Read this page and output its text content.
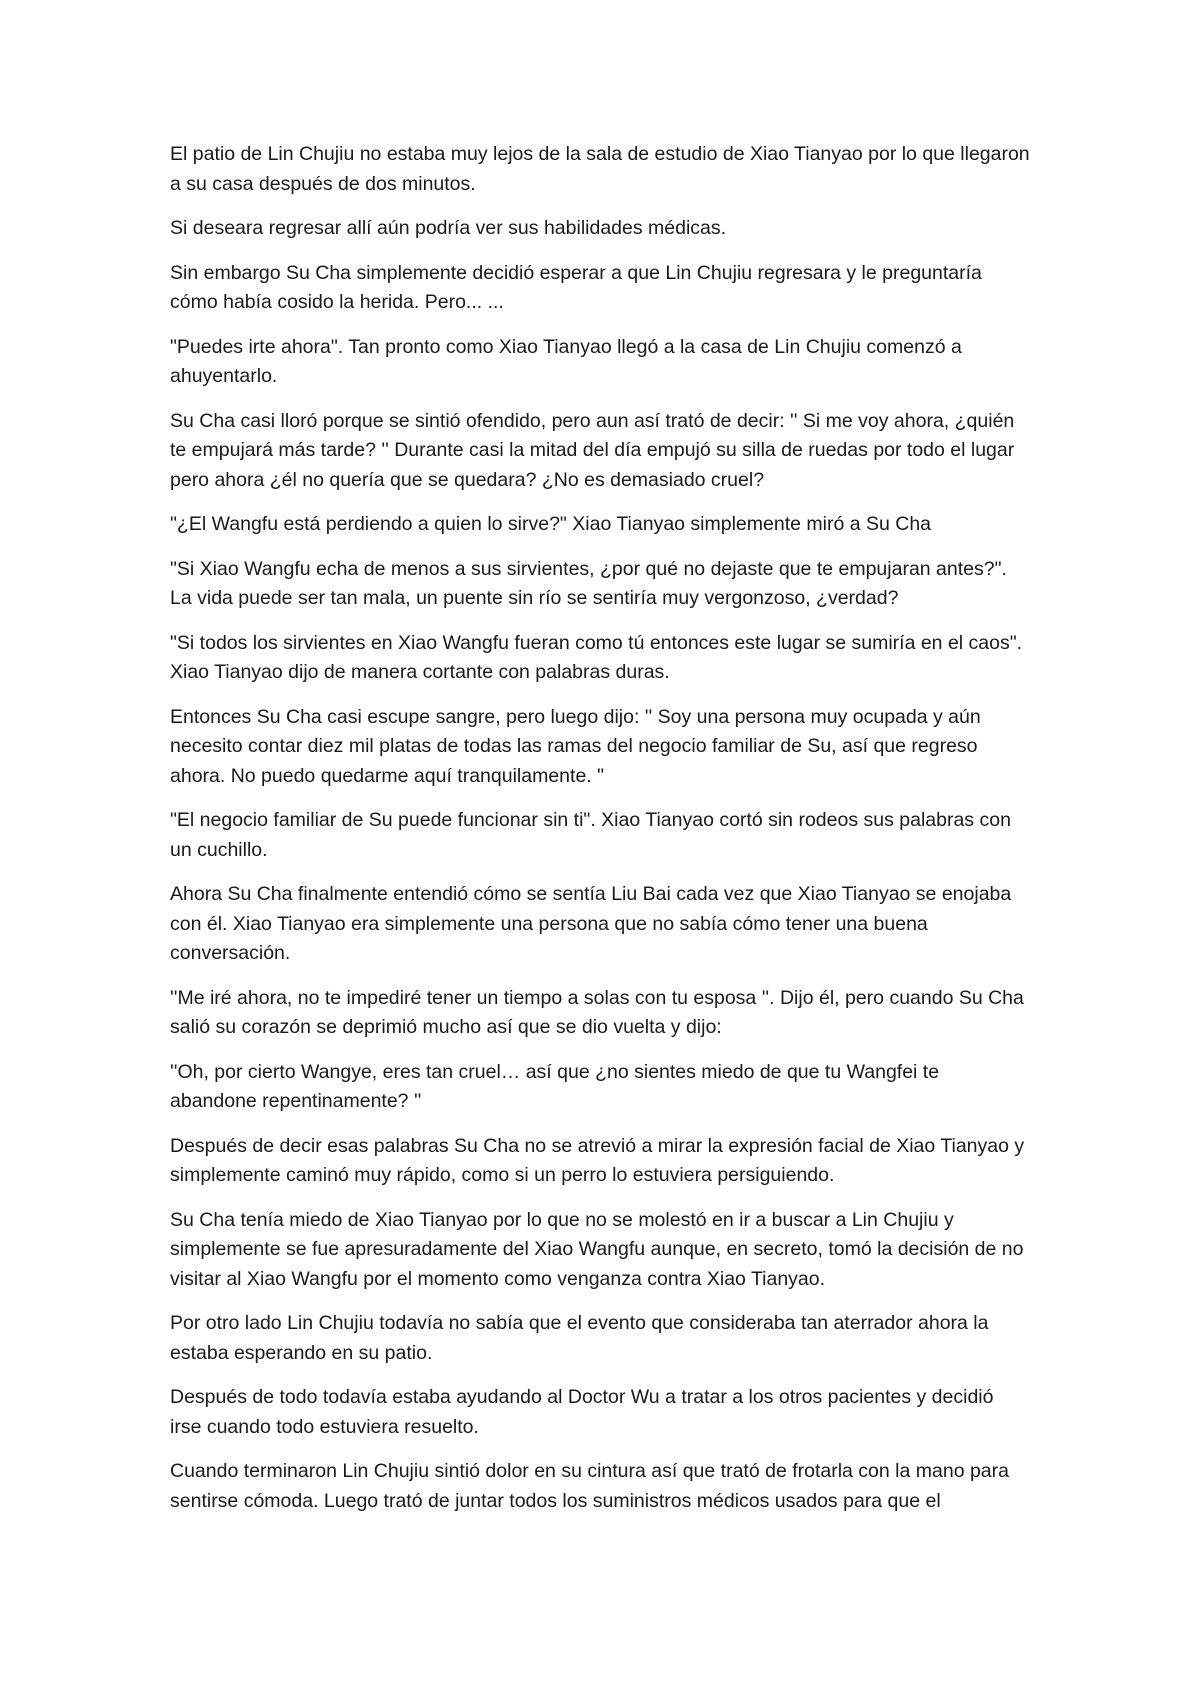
El patio de Lin Chujiu no estaba muy lejos de la sala de estudio de Xiao Tianyao por lo que llegaron a su casa después de dos minutos.

Si deseara regresar allí aún podría ver sus habilidades médicas.

Sin embargo Su Cha simplemente decidió esperar a que Lin Chujiu regresara y le preguntaría cómo había cosido la herida. Pero... ...

"Puedes irte ahora". Tan pronto como Xiao Tianyao llegó a la casa de Lin Chujiu comenzó a ahuyentarlo.

Su Cha casi lloró porque se sintió ofendido, pero aun así trató de decir: '' Si me voy ahora, ¿quién te empujará más tarde? '' Durante casi la mitad del día empujó su silla de ruedas por todo el lugar pero ahora ¿él no quería que se quedara? ¿No es demasiado cruel?

"¿El Wangfu está perdiendo a quien lo sirve?" Xiao Tianyao simplemente miró a Su Cha

"Si Xiao Wangfu echa de menos a sus sirvientes, ¿por qué no dejaste que te empujaran antes?". La vida puede ser tan mala, un puente sin río se sentiría muy vergonzoso, ¿verdad?

"Si todos los sirvientes en Xiao Wangfu fueran como tú entonces este lugar se sumiría en el caos". Xiao Tianyao dijo de manera cortante con palabras duras.

Entonces Su Cha casi escupe sangre, pero luego dijo: '' Soy una persona muy ocupada y aún necesito contar diez mil platas de todas las ramas del negocio familiar de Su, así que regreso ahora. No puedo quedarme aquí tranquilamente. "

"El negocio familiar de Su puede funcionar sin ti". Xiao Tianyao cortó sin rodeos sus palabras con un cuchillo.

Ahora Su Cha finalmente entendió cómo se sentía Liu Bai cada vez que Xiao Tianyao se enojaba con él. Xiao Tianyao era simplemente una persona que no sabía cómo tener una buena conversación.

''Me iré ahora, no te impediré tener un tiempo a solas con tu esposa ''. Dijo él, pero cuando Su Cha salió su corazón se deprimió mucho así que se dio vuelta y dijo:

''Oh, por cierto Wangye, eres tan cruel… así que ¿no sientes miedo de que tu Wangfei te abandone repentinamente? ''

Después de decir esas palabras Su Cha no se atrevió a mirar la expresión facial de Xiao Tianyao y simplemente caminó muy rápido, como si un perro lo estuviera persiguiendo.

Su Cha tenía miedo de Xiao Tianyao por lo que no se molestó en ir a buscar a Lin Chujiu y simplemente se fue apresuradamente del Xiao Wangfu aunque, en secreto, tomó la decisión de no visitar al Xiao Wangfu por el momento como venganza contra Xiao Tianyao.

Por otro lado Lin Chujiu todavía no sabía que el evento que consideraba tan aterrador ahora la estaba esperando en su patio.

Después de todo todavía estaba ayudando al Doctor Wu a tratar a los otros pacientes y decidió irse cuando todo estuviera resuelto.

Cuando terminaron Lin Chujiu sintió dolor en su cintura así que trató de frotarla con la mano para sentirse cómoda. Luego trató de juntar todos los suministros médicos usados para que el
